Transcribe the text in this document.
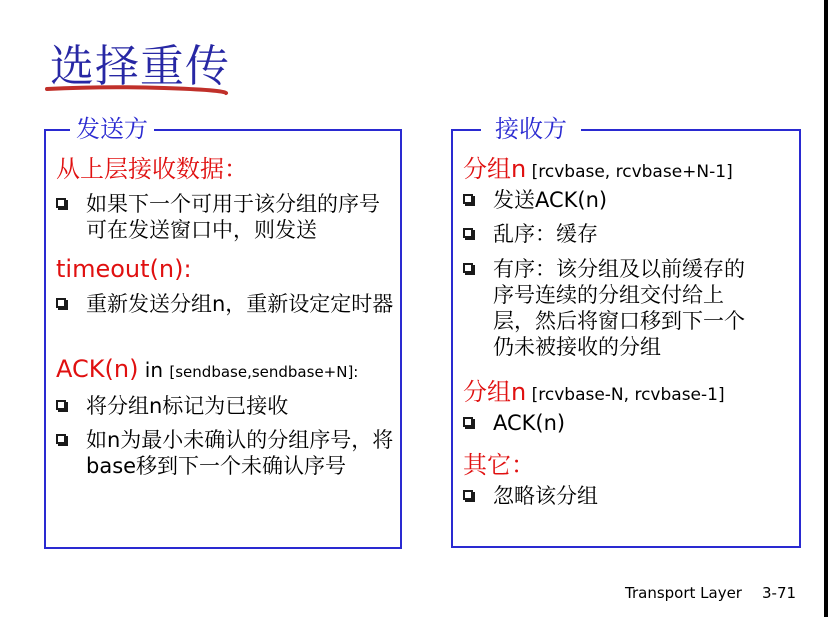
选择重传
发送方
从上层接收数据：
如果下一个可用于该分组的序号可在发送窗口中，则发送
timeout(n):
重新发送分组n，重新设定定时器
ACK(n) in [sendbase,sendbase+N]:
将分组n标记为已接收
如n为最小未确认的分组序号，将base移到下一个未确认序号
接收方
分组n [rcvbase, rcvbase+N-1]
发送ACK(n)
乱序：缓存
有序：该分组及以前缓存的序号连续的分组交付给上层，然后将窗口移到下一个仍未被接收的分组
分组n [rcvbase-N, rcvbase-1]
ACK(n)
其它：
忽略该分组
Transport Layer 3-71
